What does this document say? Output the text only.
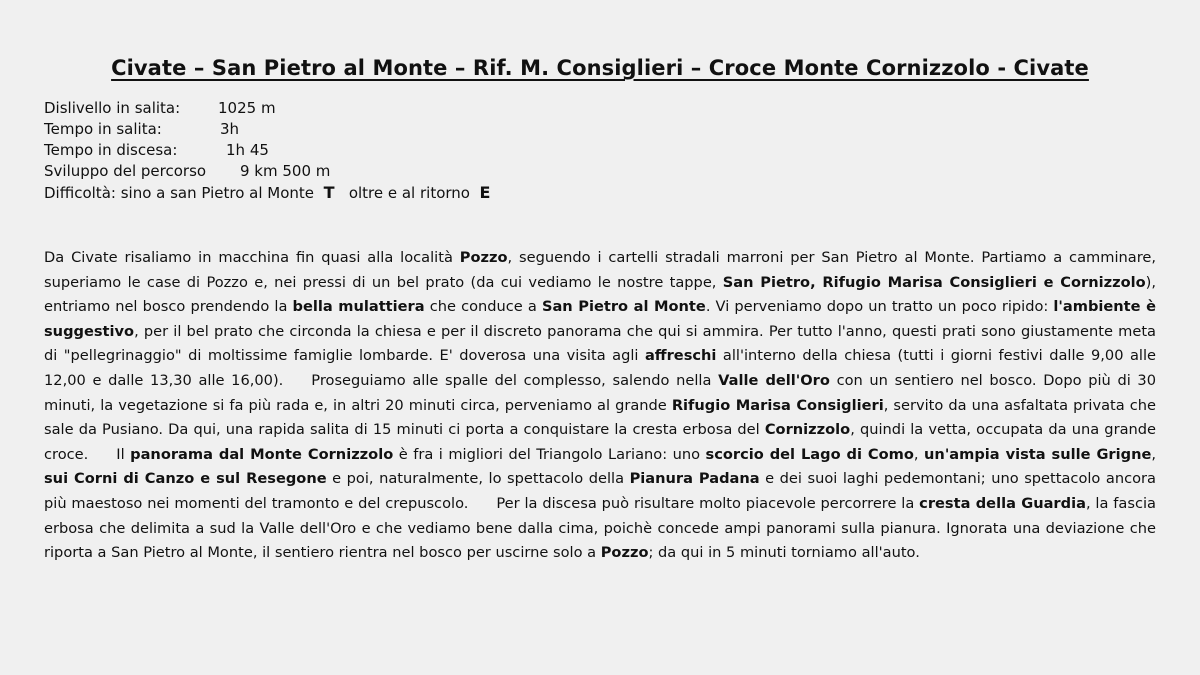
Civate – San Pietro al Monte – Rif. M. Consiglieri – Croce Monte Cornizzolo - Civate
Dislivello in salita:	1025 m
Tempo in salita:	3h
Tempo in discesa:	1h 45
Sviluppo del percorso 9 km 500 m
Difficoltà: sino a san Pietro al Monte T oltre e al ritorno E
Da Civate risaliamo in macchina fin quasi alla località Pozzo, seguendo i cartelli stradali marroni per San Pietro al Monte. Partiamo a camminare, superiamo le case di Pozzo e, nei pressi di un bel prato (da cui vediamo le nostre tappe, San Pietro, Rifugio Marisa Consiglieri e Cornizzolo), entriamo nel bosco prendendo la bella mulattiera che conduce a San Pietro al Monte. Vi perveniamo dopo un tratto un poco ripido: l'ambiente è suggestivo, per il bel prato che circonda la chiesa e per il discreto panorama che qui si ammira. Per tutto l'anno, questi prati sono giustamente meta di "pellegrinaggio" di moltissime famiglie lombarde. E' doverosa una visita agli affreschi all'interno della chiesa (tutti i giorni festivi dalle 9,00 alle 12,00 e dalle 13,30 alle 16,00). Proseguiamo alle spalle del complesso, salendo nella Valle dell'Oro con un sentiero nel bosco. Dopo più di 30 minuti, la vegetazione si fa più rada e, in altri 20 minuti circa, perveniamo al grande Rifugio Marisa Consiglieri, servito da una asfaltata privata che sale da Pusiano. Da qui, una rapida salita di 15 minuti ci porta a conquistare la cresta erbosa del Cornizzolo, quindi la vetta, occupata da una grande croce. Il panorama dal Monte Cornizzolo è fra i migliori del Triangolo Lariano: uno scorcio del Lago di Como, un'ampia vista sulle Grigne, sui Corni di Canzo e sul Resegone e poi, naturalmente, lo spettacolo della Pianura Padana e dei suoi laghi pedemontani; uno spettacolo ancora più maestoso nei momenti del tramonto e del crepuscolo. Per la discesa può risultare molto piacevole percorrere la cresta della Guardia, la fascia erbosa che delimita a sud la Valle dell'Oro e che vediamo bene dalla cima, poichè concede ampi panorami sulla pianura. Ignorata una deviazione che riporta a San Pietro al Monte, il sentiero rientra nel bosco per uscirne solo a Pozzo; da qui in 5 minuti torniamo all'auto.
